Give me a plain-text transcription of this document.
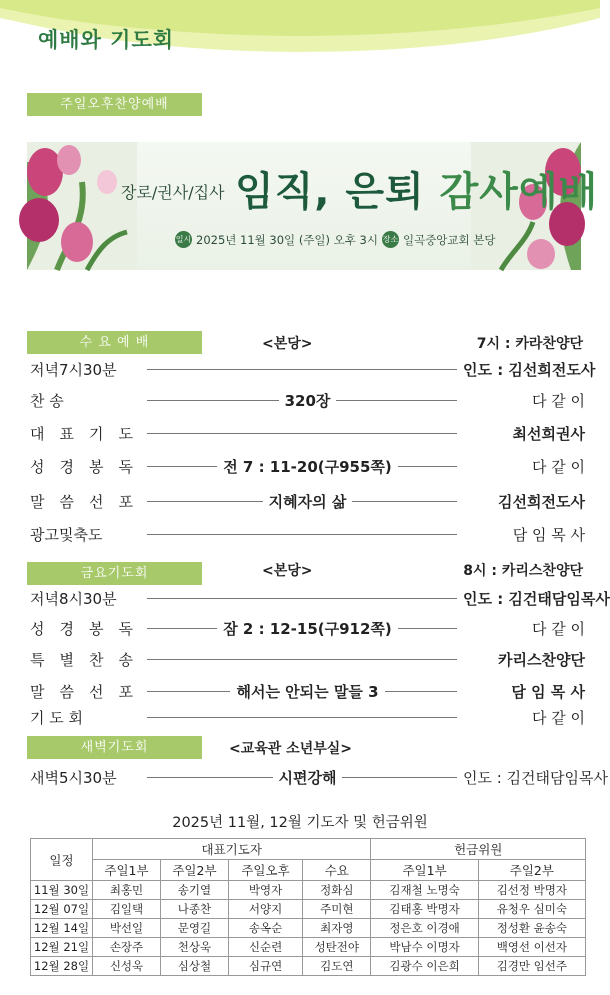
예배와 기도회
주일오후찬양예배
장로/권사/집사 임직, 은퇴 감사예배
일시 2025년 11월 30일 (주일) 오후 3시 장소 일곡중앙교회 본당
수 요 예 배	<본당>	7시 : 카라찬양단
저녁7시30분	인도 : 김선희전도사
찬 송	320장	다 같 이
대표기도	최선희권사
성경봉독	전 7 : 11-20(구955쪽)	다 같 이
말씀선포	지혜자의 삶	김선희전도사
광고및축도	담 임 목 사
금요기도회	<본당>	8시 : 카리스찬양단
저녁8시30분	인도 : 김건태담임목사
성경봉독	잠 2 : 12-15(구912쪽)	다 같 이
특별찬송	카리스찬양단
말씀선포	해서는 안되는 말들 3	담 임 목 사
기 도 회	다 같 이
새벽기도회	<교육관 소년부실>
새벽5시30분	시편강해	인도 : 김건태담임목사
2025년 11월, 12월 기도자 및 헌금위원
일정	대표기도자				헌금위원	
	주일1부	주일2부	주일오후	수요	주일1부	주일2부
11월 30일	최홍민	송기열	박영자	정화심	김재철 노명숙	김선정 박명자
12월 07일	김일택	나종찬	서양지	주미현	김태홍 박명자	유청우 심미숙
12월 14일	박선일	문영길	송옥순	최자영	정은호 이경애	정성환 윤송숙
12월 21일	손장주	천상욱	신순련	성탄전야	박남수 이명자	백영선 이선자
12월 28일	신성욱	심상철	심규연	김도연	김광수 이은희	김경만 임선주
